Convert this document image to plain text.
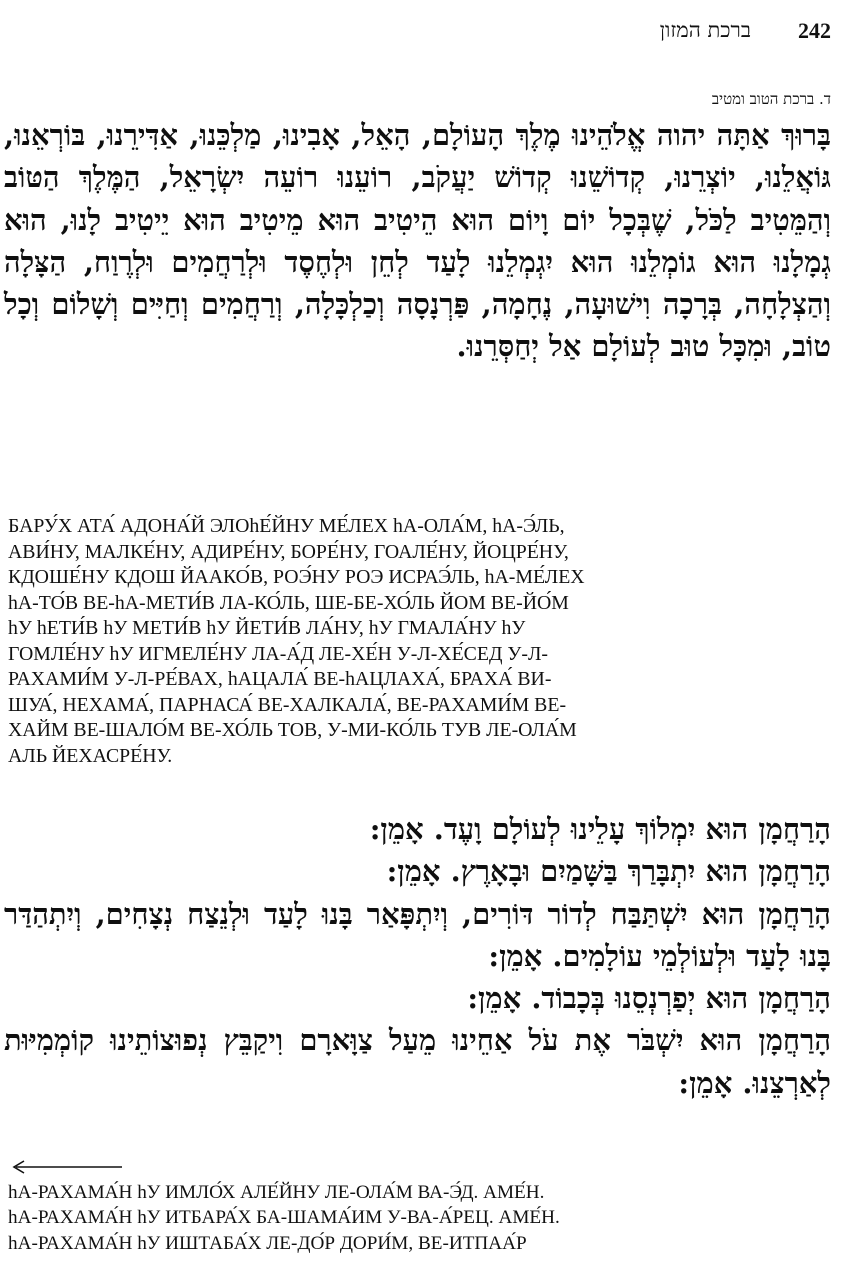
242
ברכת המזון
ד. ברכת הטוב ומטיב

בָּרוּךְ אַתָּה יהוה אֱלֹהֵינוּ מֶלֶךְ הָעוֹלָם, הָאֵל, אָבִינוּ, מַלְכֵּנוּ, אַדִּירֵנוּ, בּוֹרְאֵנוּ, גּוֹאֲלֵנוּ, יוֹצְרֵנוּ, קְדוֹשֵׁנוּ קְדוֹשׁ יַעֲקֹב, רוֹעֵנוּ רוֹעֵה יִשְׂרָאֵל, הַמֶּלֶךְ הַטּוֹב וְהַמֵּטִיב לַכֹּל, שֶׁבְּכָל יוֹם וָיוֹם הוּא הֵיטִיב הוּא מֵיטִיב הוּא יֵיטִיב לָנוּ, הוּא גְמָלָנוּ הוּא גוֹמְלֵנוּ הוּא יִגְמְלֵנוּ לָעַד לְחֵן וּלְחֶסֶד וּלְרַחֲמִים וּלְרֶוַח, הַצָּלָה וְהַצְלָחָה, בְּרָכָה וִישׁוּעָה, נֶחָמָה, פַּרְנָסָה וְכַלְכָּלָה, וְרַחֲמִים וְחַיִּים וְשָׁלוֹם וְכָל טוֹב, וּמִכָּל טוּב לְעוֹלָם אַל יְחַסְּרֵנוּ.

БАРУ́Х АТА́ АДОНА́Й ЭЛОhЕ́ЙНУ МЕ́ЛЕХ hА-ОЛА́М, hА-Э́ЛЬ,
АВИ́НУ, МАЛКЕ́НУ, АДИРЕ́НУ, БОРЕ́НУ, ГОАЛЕ́НУ, ЙОЦРЕ́НУ,
КДОШЕ́НУ КДОШ ЙААКО́В, РОЭ́НУ РОЭ ИСРАЭ́ЛЬ, hА-МЕ́ЛЕХ
hА-ТО́В ВЕ-hА-МЕТИ́В ЛА-КО́ЛЬ, ШЕ-БЕ-ХО́ЛЬ ЙОМ ВЕ-ЙО́М
hУ hЕТИ́В hУ МЕТИ́В hУ ЙЕТИ́В ЛА́НУ, hУ ГМАЛА́НУ hУ
ГОМЛЕ́НУ hУ ИГМЕЛЕ́НУ ЛА-А́Д ЛЕ-ХЕ́Н У-Л-ХЕ́СЕД У-Л-
РАХАМИ́М У-Л-РЕ́ВАХ, hАЦАЛА́ ВЕ-hАЦЛАХА́, БРАХА́ ВИ-
ШУА́, НЕХАМА́, ПАРНАСА́ ВЕ-ХАЛКАЛА́, ВЕ-РАХАМИ́М ВЕ-
ХАЙМ ВЕ-ШАЛО́М ВЕ-ХО́ЛЬ ТОВ, У-МИ-КО́ЛЬ ТУВ ЛЕ-ОЛА́М
АЛЬ ЙЕХАСРЕ́НУ.

הָרַחֲמָן הוּא יִמְלוֹךְ עָלֵינוּ לְעוֹלָם וָעֶד. אָמֵן:

הָרַחֲמָן הוּא יִתְבָּרַךְ בַּשָּׁמַיִם וּבָאָרֶץ. אָמֵן:

הָרַחֲמָן הוּא יִשְׁתַּבַּח לְדוֹר דּוֹרִים, וְיִתְפָּאַר בָּנוּ לָעַד וּלְנֵצַח נְצָחִים, וְיִתְהַדַּר בָּנוּ לָעַד וּלְעוֹלְמֵי עוֹלָמִים. אָמֵן:

הָרַחֲמָן הוּא יְפַרְנְסֵנוּ בְּכָבוֹד. אָמֵן:

הָרַחֲמָן הוּא יִשְׁבֹּר אֶת עֹל אַחֵינוּ מֵעַל צַוָּארָם וִיקַבֵּץ נְפוּצוֹתֵינוּ קוֹמְמִיּוּת לְאַרְצֵנוּ. אָמֵן:

hА-РАХАМА́Н hУ ИМЛО́Х АЛЕ́ЙНУ ЛЕ-ОЛА́М ВА-Э́Д. АМЕ́Н.
hА-РАХАМА́Н hУ ИТБАРА́Х БА-ШАМА́ИМ У-ВА-А́РЕЦ. АМЕ́Н.
hА-РАХАМА́Н hУ ИШТАБА́Х ЛЕ-ДО́Р ДОРИ́М, ВЕ-ИТПАА́Р
